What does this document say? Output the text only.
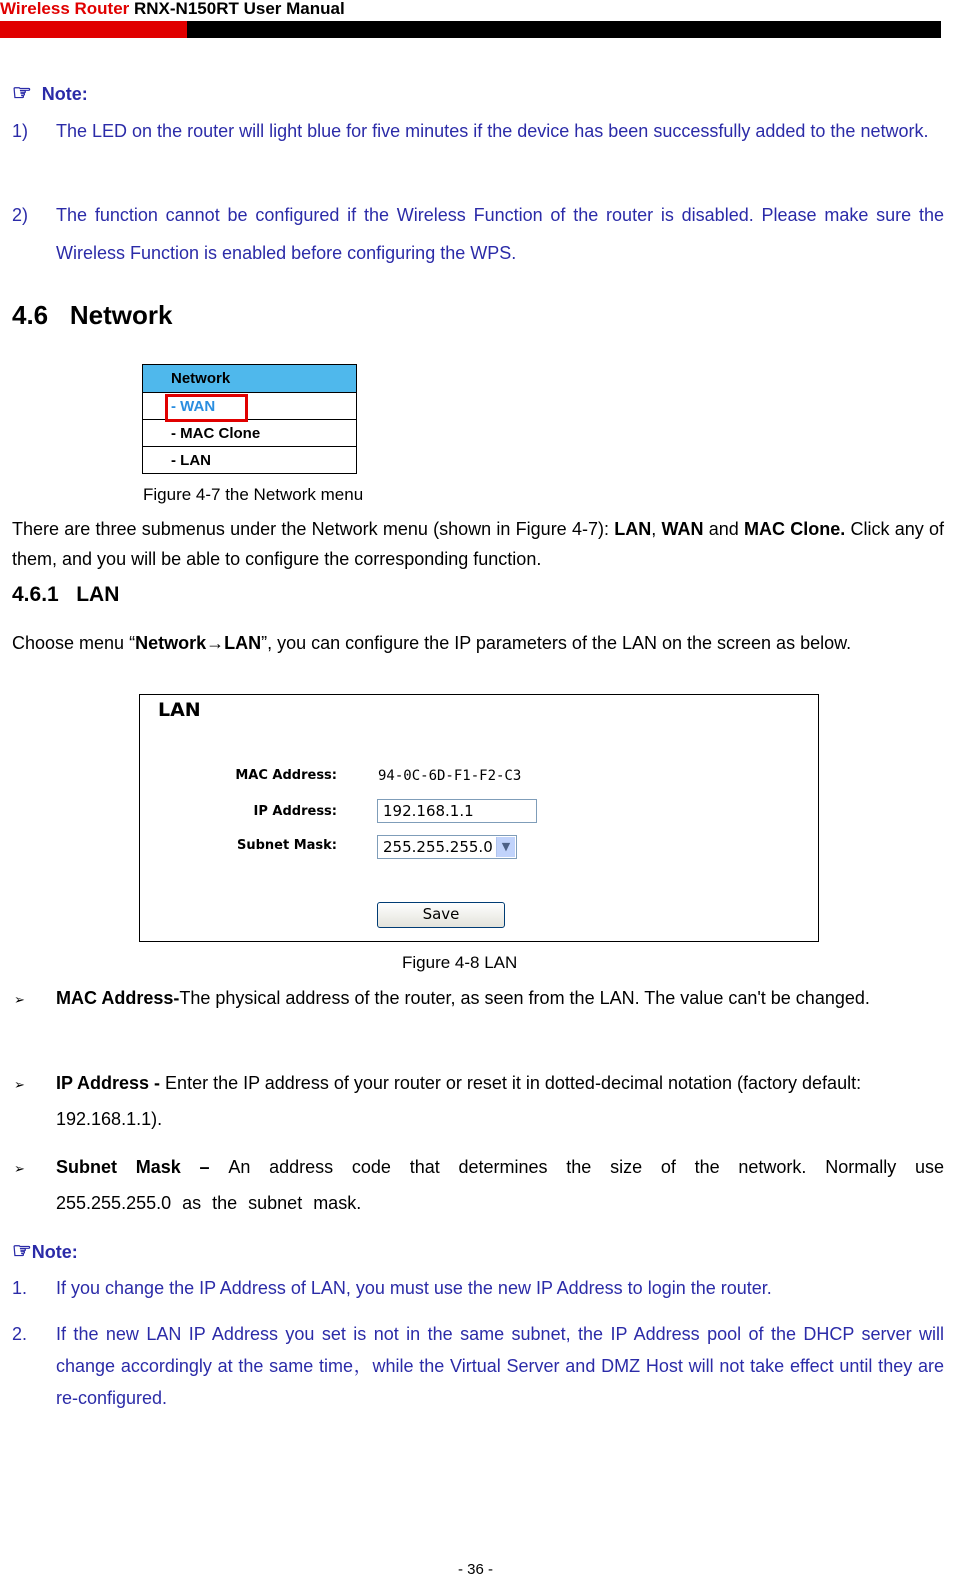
Wireless Router RNX-N150RT User Manual
☞ Note:
1) The LED on the router will light blue for five minutes if the device has been successfully added to the network.
2) The function cannot be configured if the Wireless Function of the router is disabled. Please make sure the Wireless Function is enabled before configuring the WPS.
4.6 Network
Network
- WAN
- MAC Clone
- LAN
Figure 4-7 the Network menu
There are three submenus under the Network menu (shown in Figure 4-7): LAN, WAN and MAC Clone. Click any of them, and you will be able to configure the corresponding function.
4.6.1 LAN
Choose menu “Network→LAN”, you can configure the IP parameters of the LAN on the screen as below.
LAN
MAC Address:	94-0C-6D-F1-F2-C3
IP Address:	192.168.1.1
Subnet Mask:	255.255.255.0 ▼
Save
Figure 4-8 LAN
➢ MAC Address-The physical address of the router, as seen from the LAN. The value can't be changed.
➢ IP Address - Enter the IP address of your router or reset it in dotted-decimal notation (factory default: 192.168.1.1).
➢ Subnet Mask – An address code that determines the size of the network. Normally use 255.255.255.0 as the subnet mask.
☞Note:
1. If you change the IP Address of LAN, you must use the new IP Address to login the router.
2. If the new LAN IP Address you set is not in the same subnet, the IP Address pool of the DHCP server will change accordingly at the same time，while the Virtual Server and DMZ Host will not take effect until they are re-configured.
- 36 -
